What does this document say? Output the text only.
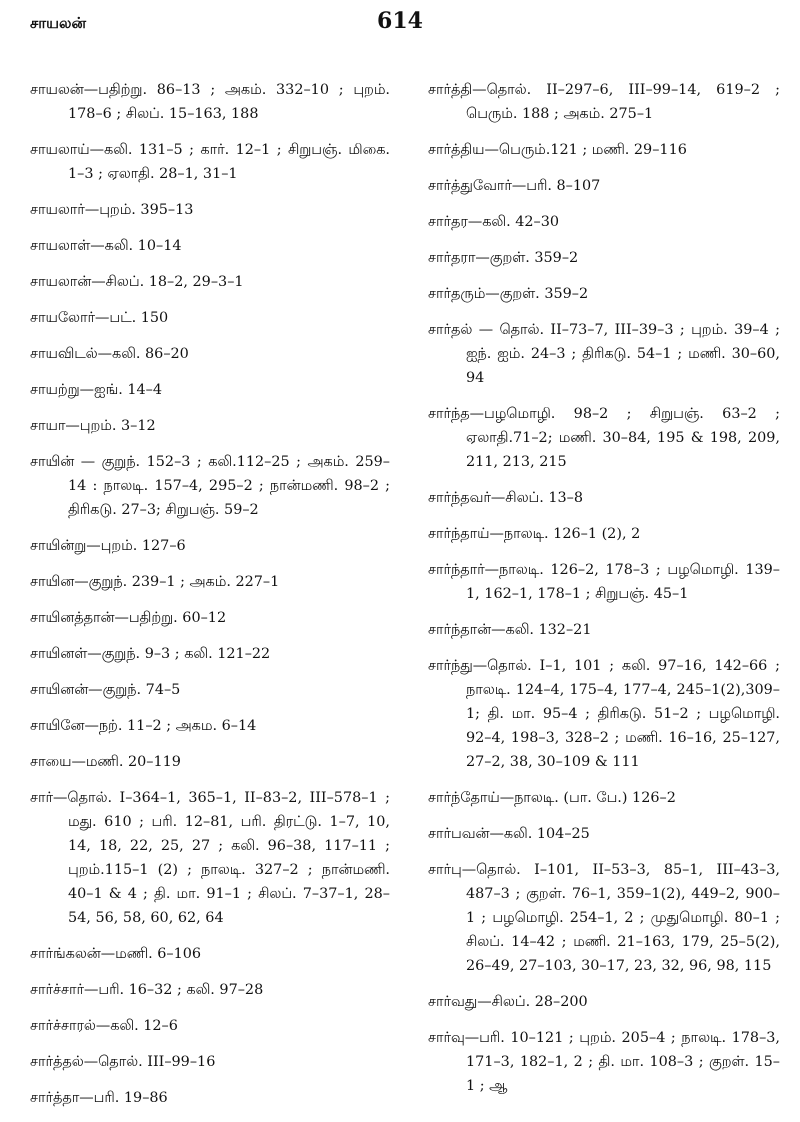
சாயலன்	614
சாயலன்—பதிற்று. 86–13 ; அகம். 332–10 ; புறம். 178–6 ; சிலப். 15–163, 188
சாயலாய்—கலி. 131–5 ; கார். 12–1 ; சிறுபஞ். மிகை. 1–3 ; ஏலாதி. 28–1, 31–1
சாயலார்—புறம். 395–13
சாயலாள்—கலி. 10–14
சாயலான்—சிலப். 18–2, 29–3–1
சாயலோர்—பட். 150
சாயவிடல்—கலி. 86–20
சாயற்று—ஐங். 14–4
சாயா—புறம். 3–12
சாயின் — குறுந். 152–3 ; கலி.112–25 ; அகம். 259–14 : நாலடி. 157–4, 295–2 ; நான்மணி. 98–2 ; திரிகடு. 27–3; சிறுபஞ். 59–2
சாயின்று—புறம். 127–6
சாயின—குறுந். 239–1 ; அகம். 227–1
சாயினத்தான்—பதிற்று. 60–12
சாயினள்—குறுந். 9–3 ; கலி. 121–22
சாயினன்—குறுந். 74–5
சாயினே—நற். 11–2 ; அகம. 6–14
சாயை—மணி. 20–119
சார்—தொல். I–364–1, 365–1, II–83–2, III–578–1 ; மது. 610 ; பரி. 12–81, பரி. திரட்டு. 1–7, 10, 14, 18, 22, 25, 27 ; கலி. 96–38, 117–11 ; புறம்.115–1 (2) ; நாலடி. 327–2 ; நான்மணி. 40–1 & 4 ; தி. மா. 91–1 ; சிலப். 7–37–1, 28–54, 56, 58, 60, 62, 64
சார்ங்கலன்—மணி. 6–106
சார்ச்சார்—பரி. 16–32 ; கலி. 97–28
சார்ச்சாரல்—கலி. 12–6
சார்த்தல்—தொல். III–99–16
சார்த்தா—பரி. 19–86
சார்த்தி—தொல். II–297–6, III–99–14, 619–2 ; பெரும். 188 ; அகம். 275–1
சார்த்திய—பெரும்.121 ; மணி. 29–116
சார்த்துவோர்—பரி. 8–107
சார்தர—கலி. 42–30
சார்தரா—குறள். 359–2
சார்தரும்—குறள். 359–2
சார்தல் — தொல். II–73–7, III–39–3 ; புறம். 39–4 ; ஐந். ஐம். 24–3 ; திரிகடு. 54–1 ; மணி. 30–60, 94
சார்ந்த—பழமொழி. 98–2 ; சிறுபஞ். 63–2 ; ஏலாதி.71–2; மணி. 30–84, 195 & 198, 209, 211, 213, 215
சார்ந்தவர்—சிலப். 13–8
சார்ந்தாய்—நாலடி. 126–1 (2), 2
சார்ந்தார்—நாலடி. 126–2, 178–3 ; பழமொழி. 139–1, 162–1, 178–1 ; சிறுபஞ். 45–1
சார்ந்தான்—கலி. 132–21
சார்ந்து—தொல். I–1, 101 ; கலி. 97–16, 142–66 ; நாலடி. 124–4, 175–4, 177–4, 245–1(2),309–1; தி. மா. 95–4 ; திரிகடு. 51–2 ; பழமொழி. 92–4, 198–3, 328–2 ; மணி. 16–16, 25–127, 27–2, 38, 30–109 & 111
சார்ந்தோய்—நாலடி. (பா. பே.) 126–2
சார்பவன்—கலி. 104–25
சார்பு—தொல். I–101, II–53–3, 85–1, III–43–3, 487–3 ; குறள். 76–1, 359–1(2), 449–2, 900–1 ; பழமொழி. 254–1, 2 ; முதுமொழி. 80–1 ; சிலப். 14–42 ; மணி. 21–163, 179, 25–5(2), 26–49, 27–103, 30–17, 23, 32, 96, 98, 115
சார்வது—சிலப். 28–200
சார்வு—பரி. 10–121 ; புறம். 205–4 ; நாலடி. 178–3, 171–3, 182–1, 2 ; தி. மா. 108–3 ; குறள். 15–1 ; ஆ
